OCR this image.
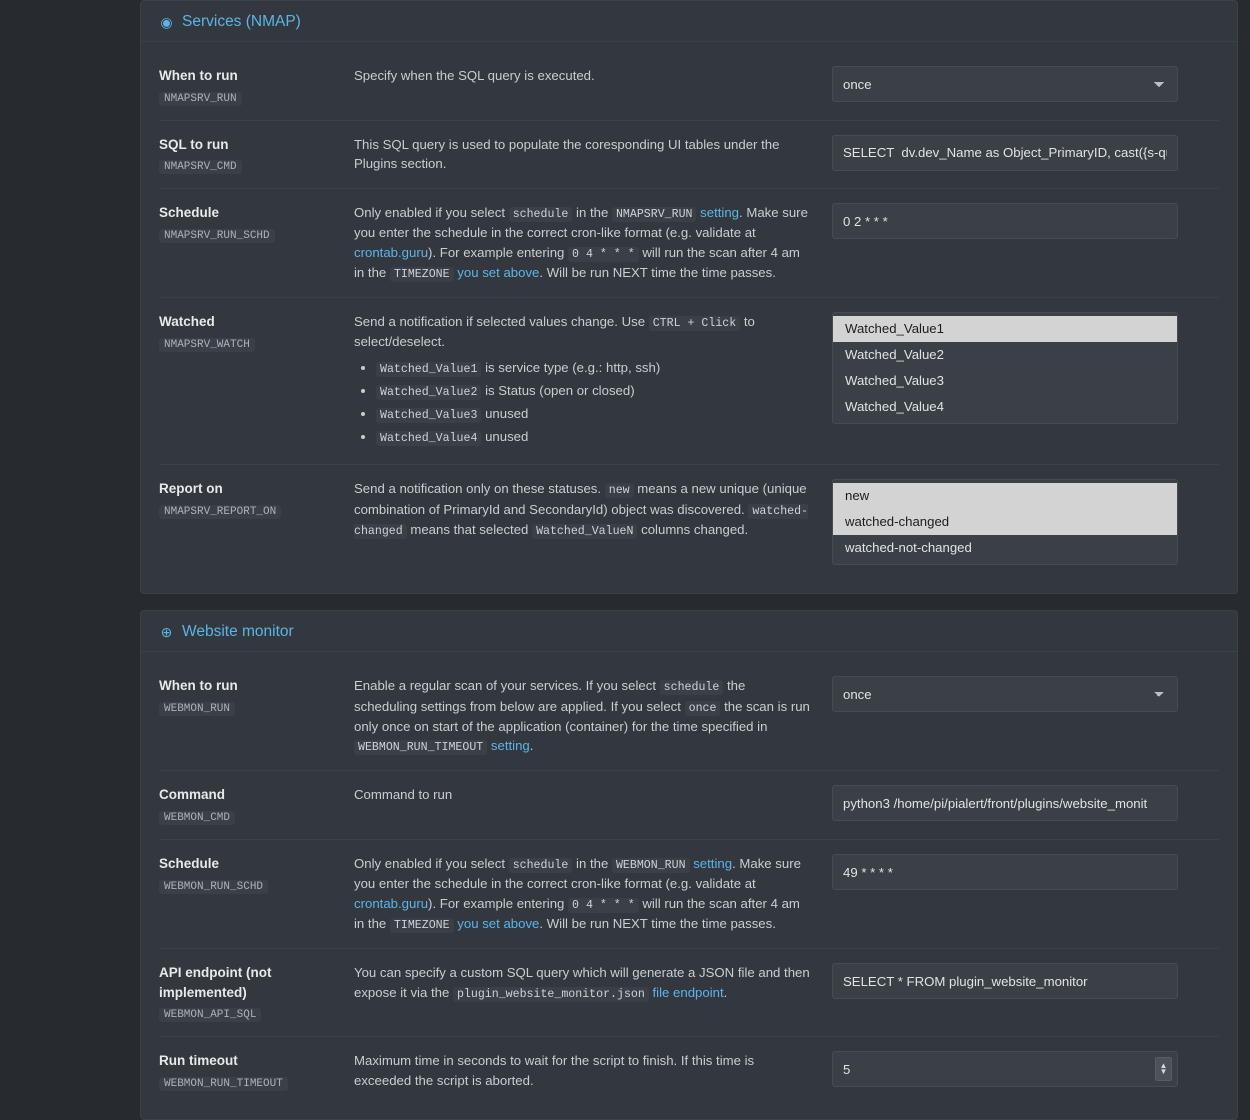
◉ Services (NMAP)
When to run
NMAPSRV_RUN
Specify when the SQL query is executed.
once
SQL to run
NMAPSRV_CMD
This SQL query is used to populate the coresponding UI tables under the Plugins section.
SELECT dv.dev_Name as Object_PrimaryID, cast({s-quo
Schedule
NMAPSRV_RUN_SCHD
Only enabled if you select schedule in the NMAPSRV_RUN setting. Make sure you enter the schedule in the correct cron-like format (e.g. validate at crontab.guru). For example entering 0 4 * * * will run the scan after 4 am in the TIMEZONE you set above. Will be run NEXT time the time passes.
0 2 * * *
Watched
NMAPSRV_WATCH
Send a notification if selected values change. Use CTRL + Click to select/deselect.
• Watched_Value1 is service type (e.g.: http, ssh)
• Watched_Value2 is Status (open or closed)
• Watched_Value3 unused
• Watched_Value4 unused
Watched_Value1
Watched_Value2
Watched_Value3
Watched_Value4
Report on
NMAPSRV_REPORT_ON
Send a notification only on these statuses. new means a new unique (unique combination of PrimaryId and SecondaryId) object was discovered. watched-changed means that selected Watched_ValueN columns changed.
new
watched-changed
watched-not-changed
⊕ Website monitor
When to run
WEBMON_RUN
Enable a regular scan of your services. If you select schedule the scheduling settings from below are applied. If you select once the scan is run only once on start of the application (container) for the time specified in WEBMON_RUN_TIMEOUT setting.
once
Command
WEBMON_CMD
Command to run
python3 /home/pi/pialert/front/plugins/website_monit
Schedule
WEBMON_RUN_SCHD
Only enabled if you select schedule in the WEBMON_RUN setting. Make sure you enter the schedule in the correct cron-like format (e.g. validate at crontab.guru). For example entering 0 4 * * * will run the scan after 4 am in the TIMEZONE you set above. Will be run NEXT time the time passes.
49 * * * *
API endpoint (not implemented)
WEBMON_API_SQL
You can specify a custom SQL query which will generate a JSON file and then expose it via the plugin_website_monitor.json file endpoint.
SELECT * FROM plugin_website_monitor
Run timeout
WEBMON_RUN_TIMEOUT
Maximum time in seconds to wait for the script to finish. If this time is exceeded the script is aborted.
5
▲
▼
